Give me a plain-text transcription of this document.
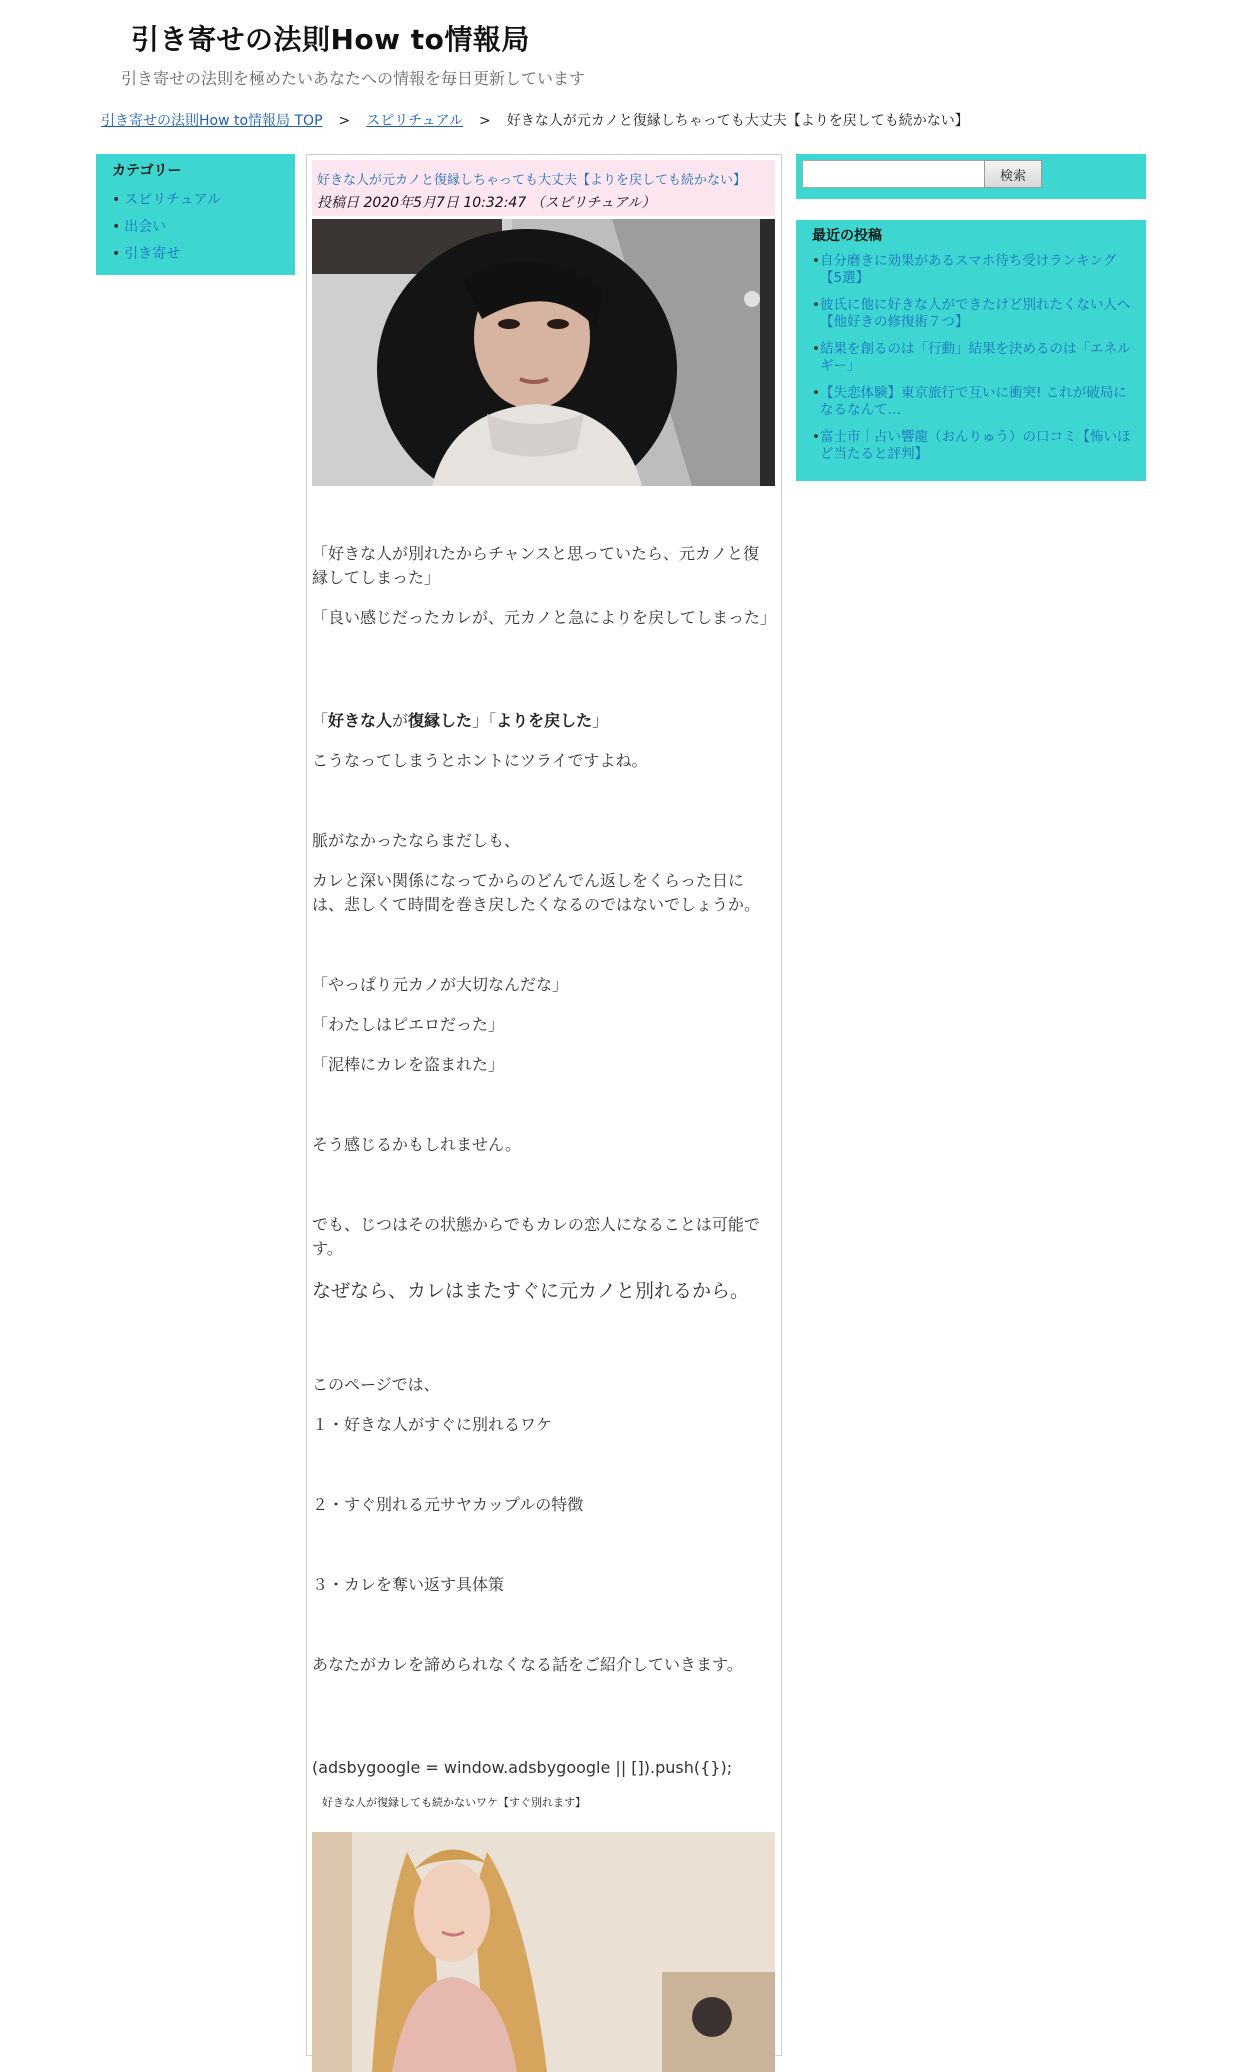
引き寄せの法則How to情報局
引き寄せの法則を極めたいあなたへの情報を毎日更新しています
引き寄せの法則How to情報局 TOP > スピリチュアル > 好きな人が元カノと復縁しちゃっても大丈夫【よりを戻しても続かない】
カテゴリー
• スピリチュアル
• 出会い
• 引き寄せ
好きな人が元カノと復縁しちゃっても大丈夫【よりを戻しても続かない】
投稿日 2020年5月7日 10:32:47 （スピリチュアル）

「好きな人が別れたからチャンスと思っていたら、元カノと復縁してしまった」

「良い感じだったカレが、元カノと急によりを戻してしまった」

「好きな人が復縁した」「よりを戻した」

こうなってしまうとホントにツライですよね。

脈がなかったならまだしも、

カレと深い関係になってからのどんでん返しをくらった日には、悲しくて時間を巻き戻したくなるのではないでしょうか。

「やっぱり元カノが大切なんだな」

「わたしはピエロだった」

「泥棒にカレを盗まれた」

そう感じるかもしれません。

でも、じつはその状態からでもカレの恋人になることは可能です。

なぜなら、カレはまたすぐに元カノと別れるから。

このページでは、

１・好きな人がすぐに別れるワケ

２・すぐ別れる元サヤカップルの特徴

３・カレを奪い返す具体策

あなたがカレを諦められなくなる話をご紹介していきます。

(adsbygoogle = window.adsbygoogle || []).push({});

好きな人が復縁しても続かないワケ【すぐ別れます】

検索
最近の投稿
• 自分磨きに効果があるスマホ待ち受けランキング【5選】
• 彼氏に他に好きな人ができたけど別れたくない人へ【他好きの修復術７つ】
• 結果を創るのは「行動」結果を決めるのは「エネルギー」
• 【失恋体験】東京旅行で互いに衝突! これが破局になるなんて…
• 富士市｜占い響龍（おんりゅう）の口コミ【怖いほど当たると評判】
